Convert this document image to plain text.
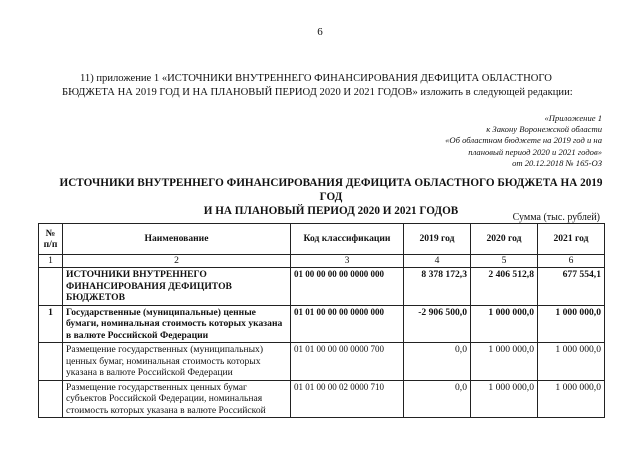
6
11) приложение 1 «ИСТОЧНИКИ ВНУТРЕННЕГО ФИНАНСИРОВАНИЯ ДЕФИЦИТА ОБЛАСТНОГО БЮДЖЕТА НА 2019 ГОД И НА ПЛАНОВЫЙ ПЕРИОД 2020 И 2021 ГОДОВ» изложить в следующей редакции:
«Приложение 1
к Закону Воронежской области
«Об областном бюджете на 2019 год и на
плановый период 2020 и 2021 годов»
от 20.12.2018 № 165-ОЗ
ИСТОЧНИКИ ВНУТРЕННЕГО ФИНАНСИРОВАНИЯ ДЕФИЦИТА ОБЛАСТНОГО БЮДЖЕТА НА 2019 ГОД
И НА ПЛАНОВЫЙ ПЕРИОД 2020 И 2021 ГОДОВ
Сумма (тыс. рублей)
№ п/п	Наименование	Код классификации	2019 год	2020 год	2021 год
1	2	3	4	5	6
	ИСТОЧНИКИ ВНУТРЕННЕГО ФИНАНСИРОВАНИЯ ДЕФИЦИТОВ БЮДЖЕТОВ	01 00 00 00 00 0000 000	8 378 172,3	2 406 512,8	677 554,1
1	Государственные (муниципальные) ценные бумаги, номинальная стоимость которых указана в валюте Российской Федерации	01 01 00 00 00 0000 000	-2 906 500,0	1 000 000,0	1 000 000,0
	Размещение государственных (муниципальных) ценных бумаг, номинальная стоимость которых указана в валюте Российской Федерации	01 01 00 00 00 0000 700	0,0	1 000 000,0	1 000 000,0
	Размещение государственных ценных бумаг субъектов Российской Федерации, номинальная стоимость которых указана в валюте Российской	01 01 00 00 02 0000 710	0,0	1 000 000,0	1 000 000,0
